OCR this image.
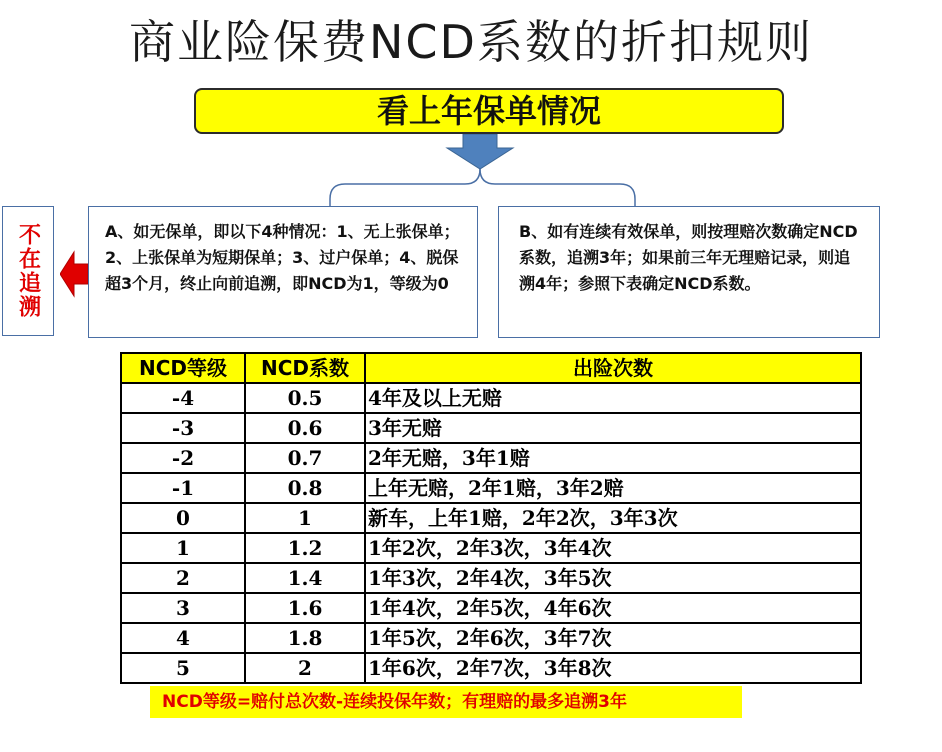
商业险保费NCD系数的折扣规则
看上年保单情况
不在追溯	A、如无保单，即以下4种情况：1、无上张保单；2、上张保单为短期保单；3、过户保单；4、脱保超3个月，终止向前追溯，即NCD为1，等级为0
B、如有连续有效保单，则按理赔次数确定NCD系数，追溯3年；如果前三年无理赔记录，则追溯4年；参照下表确定NCD系数。
NCD等级	NCD系数	出险次数
-4	0.5	4年及以上无赔
-3	0.6	3年无赔
-2	0.7	2年无赔，3年1赔
-1	0.8	上年无赔，2年1赔，3年2赔
0	1	新车，上年1赔，2年2次，3年3次
1	1.2	1年2次，2年3次，3年4次
2	1.4	1年3次，2年4次，3年5次
3	1.6	1年4次，2年5次，4年6次
4	1.8	1年5次，2年6次，3年7次
5	2	1年6次，2年7次，3年8次
NCD等级=赔付总次数-连续投保年数；有理赔的最多追溯3年
